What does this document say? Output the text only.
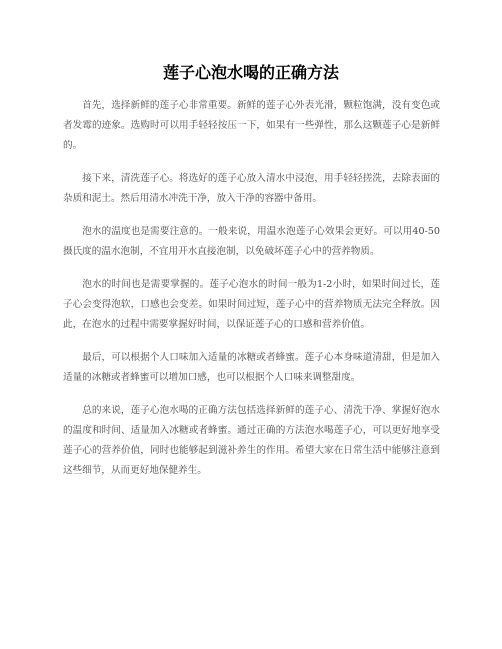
莲子心泡水喝的正确方法

首先，选择新鲜的莲子心非常重要。新鲜的莲子心外表光滑，颗粒饱满，没有变色或者发霉的迹象。选购时可以用手轻轻按压一下，如果有一些弹性，那么这颗莲子心是新鲜的。

接下来，清洗莲子心。将选好的莲子心放入清水中浸泡，用手轻轻搓洗，去除表面的杂质和泥土。然后用清水冲洗干净，放入干净的容器中备用。

泡水的温度也是需要注意的。一般来说，用温水泡莲子心效果会更好。可以用40-50摄氏度的温水泡制，不宜用开水直接泡制，以免破坏莲子心中的营养物质。

泡水的时间也是需要掌握的。莲子心泡水的时间一般为1-2小时，如果时间过长，莲子心会变得泡软，口感也会变差。如果时间过短，莲子心中的营养物质无法完全释放。因此，在泡水的过程中需要掌握好时间，以保证莲子心的口感和营养价值。

最后，可以根据个人口味加入适量的冰糖或者蜂蜜。莲子心本身味道清甜，但是加入适量的冰糖或者蜂蜜可以增加口感，也可以根据个人口味来调整甜度。

总的来说，莲子心泡水喝的正确方法包括选择新鲜的莲子心、清洗干净、掌握好泡水的温度和时间、适量加入冰糖或者蜂蜜。通过正确的方法泡水喝莲子心，可以更好地享受莲子心的营养价值，同时也能够起到滋补养生的作用。希望大家在日常生活中能够注意到这些细节，从而更好地保健养生。
